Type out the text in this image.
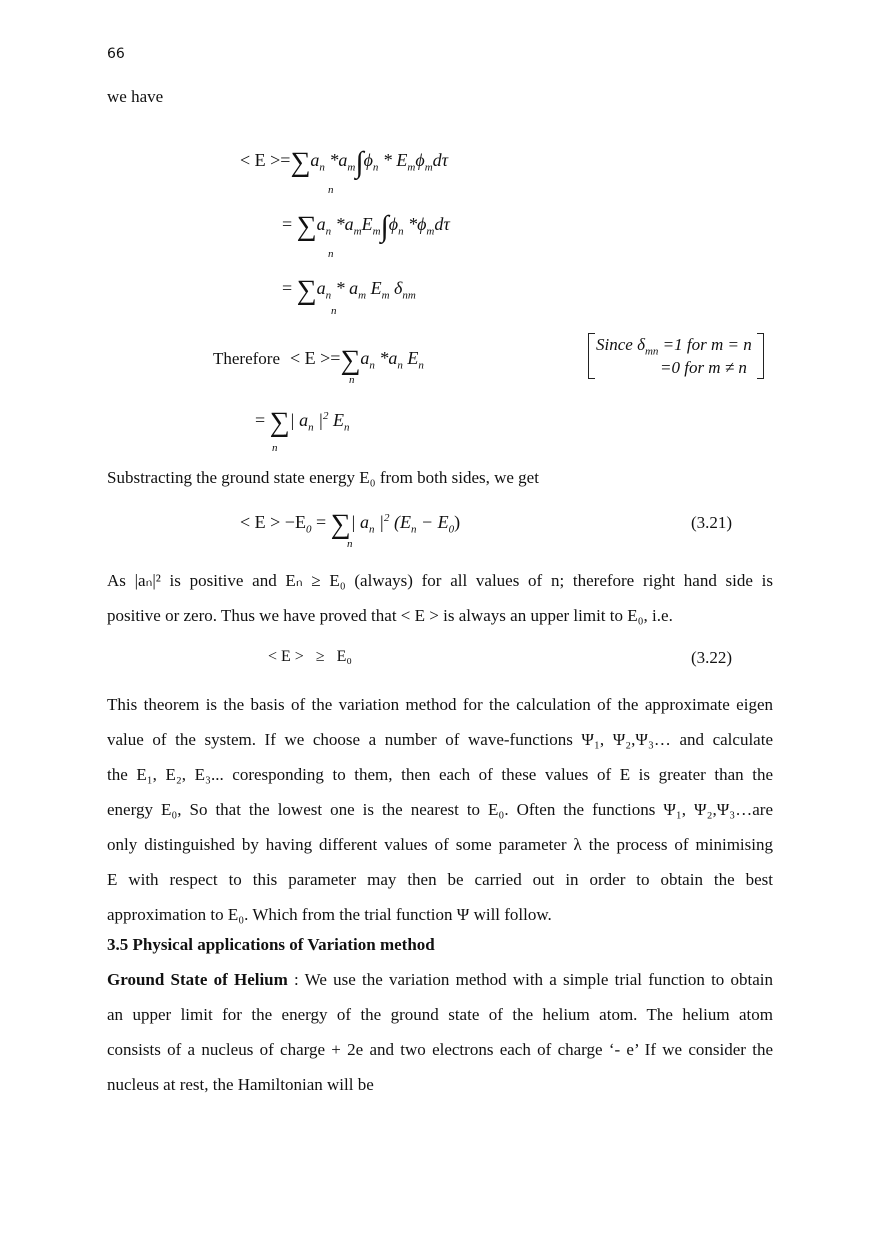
66
we have
< $E >=\sum a_n$ $*a_m\int\phi_n * E_m\phi_md\tau$
n
= $\sum a_n$ $*a_mE_m\int\phi_n$ $*\phi_md\tau$
n
= $\sum a_n * a_m$ $E_m$ $\delta_{nm}$
n
Therefore < $E >=\sum a_n$ $*a_n$ $E_n$
n
Since $\delta_{mn} =1$ for m = n
=0 for m ≠ n
= ∑| $a_n$ $|^2$ $E_n$
n
Substracting the ground state energy E₀ from both sides, we get
< $E > -E_0$ = ∑| $a_n$ $|^2$ $(E_n - E_0)$
n
(3.21)
As |aₙ|² is positive and Eₙ ≥ E₀ (always) for all values of n; therefore right hand side is
positive or zero. Thus we have proved that < E > is always an upper limit to E₀, i.e.
< E >   ≥   E₀	(3.22)
This theorem is the basis of the variation method for the calculation of the approximate eigen
value of the system. If we choose a number of wave-functions Ψ₁, Ψ₂,Ψ₃… and calculate
the E₁, E₂, E₃... coresponding to them, then each of these values of E is greater than the
energy E₀, So that the lowest one is the nearest to E₀. Often the functions Ψ₁, Ψ₂,Ψ₃…are
only distinguished by having different values of some parameter λ the process of minimising
E with respect to this parameter may then be carried out in order to obtain the best
approximation to E₀. Which from the trial function Ψ will follow.
3.5 Physical applications of Variation method
Ground State of Helium : We use the variation method with a simple trial function to obtain
an upper limit for the energy of the ground state of the helium atom. The helium atom
consists of a nucleus of charge + 2e and two electrons each of charge ‘- e’ If we consider the
nucleus at rest, the Hamiltonian will be
